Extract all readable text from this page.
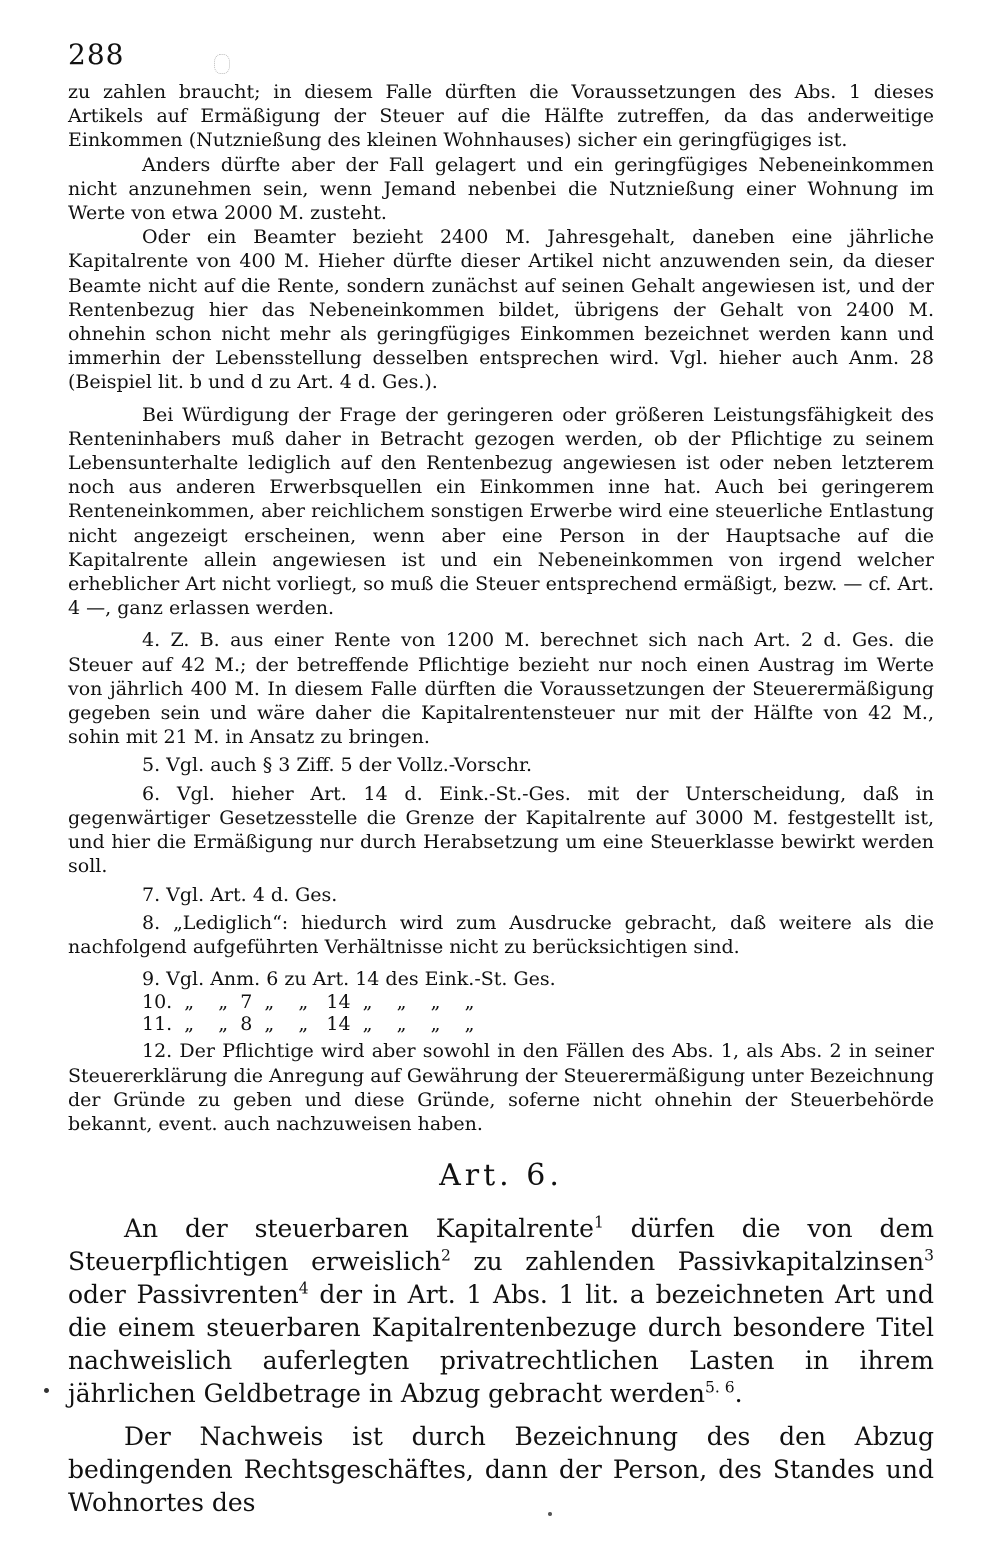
288

zu zahlen braucht; in diesem Falle dürften die Voraussetzungen des Abs. 1 dieses Artikels auf Ermäßigung der Steuer auf die Hälfte zutreffen, da das anderweitige Einkommen (Nutznießung des kleinen Wohnhauses) sicher ein geringfügiges ist.

Anders dürfte aber der Fall gelagert und ein geringfügiges Nebeneinkommen nicht anzunehmen sein, wenn Jemand nebenbei die Nutznießung einer Wohnung im Werte von etwa 2000 M. zusteht.

Oder ein Beamter bezieht 2400 M. Jahresgehalt, daneben eine jährliche Kapitalrente von 400 M. Hieher dürfte dieser Artikel nicht anzuwenden sein, da dieser Beamte nicht auf die Rente, sondern zunächst auf seinen Gehalt angewiesen ist, und der Rentenbezug hier das Nebeneinkommen bildet, übrigens der Gehalt von 2400 M. ohnehin schon nicht mehr als geringfügiges Einkommen bezeichnet werden kann und immerhin der Lebensstellung desselben entsprechen wird. Vgl. hieher auch Anm. 28 (Beispiel lit. b und d zu Art. 4 d. Ges.).

Bei Würdigung der Frage der geringeren oder größeren Leistungsfähigkeit des Renteninhabers muß daher in Betracht gezogen werden, ob der Pflichtige zu seinem Lebensunterhalte lediglich auf den Rentenbezug angewiesen ist oder neben letzterem noch aus anderen Erwerbsquellen ein Einkommen inne hat. Auch bei geringerem Renteneinkommen, aber reichlichem sonstigen Erwerbe wird eine steuerliche Entlastung nicht angezeigt erscheinen, wenn aber eine Person in der Hauptsache auf die Kapitalrente allein angewiesen ist und ein Nebeneinkommen von irgend welcher erheblicher Art nicht vorliegt, so muß die Steuer entsprechend ermäßigt, bezw. — cf. Art. 4 —, ganz erlassen werden.

4. Z. B. aus einer Rente von 1200 M. berechnet sich nach Art. 2 d. Ges. die Steuer auf 42 M.; der betreffende Pflichtige bezieht nur noch einen Austrag im Werte von jährlich 400 M. In diesem Falle dürften die Voraussetzungen der Steuerermäßigung gegeben sein und wäre daher die Kapitalrentensteuer nur mit der Hälfte von 42 M., sohin mit 21 M. in Ansatz zu bringen.

5. Vgl. auch § 3 Ziff. 5 der Vollz.-Vorschr.

6. Vgl. hieher Art. 14 d. Eink.-St.-Ges. mit der Unterscheidung, daß in gegenwärtiger Gesetzesstelle die Grenze der Kapitalrente auf 3000 M. festgestellt ist, und hier die Ermäßigung nur durch Herabsetzung um eine Steuerklasse bewirkt werden soll.

7. Vgl. Art. 4 d. Ges.

8. „Lediglich“: hiedurch wird zum Ausdrucke gebracht, daß weitere als die nachfolgend aufgeführten Verhältnisse nicht zu berücksichtigen sind.

9. Vgl. Anm. 6 zu Art. 14 des Eink.-St. Ges.

10.  „    „  7  „    „   14  „    „    „    „
11.  „    „  8  „    „   14  „    „    „    „

12. Der Pflichtige wird aber sowohl in den Fällen des Abs. 1, als Abs. 2 in seiner Steuererklärung die Anregung auf Gewährung der Steuerermäßigung unter Bezeichnung der Gründe zu geben und diese Gründe, soferne nicht ohnehin der Steuerbehörde bekannt, event. auch nachzuweisen haben.

Art. 6.

An der steuerbaren Kapitalrente$^1$ dürfen die von dem Steuerpflichtigen erweislich$^2$ zu zahlenden Passivkapitalzinsen$^3$ oder Passivrenten$^4$ der in Art. 1 Abs. 1 lit. a bezeichneten Art und die einem steuerbaren Kapitalrentenbezuge durch besondere Titel nachweislich auferlegten privatrechtlichen Lasten in ihrem jährlichen Geldbetrage in Abzug gebracht werden$^{5. 6}$.

Der Nachweis ist durch Bezeichnung des den Abzug bedingenden Rechtsgeschäftes, dann der Person, des Standes und Wohnortes des
